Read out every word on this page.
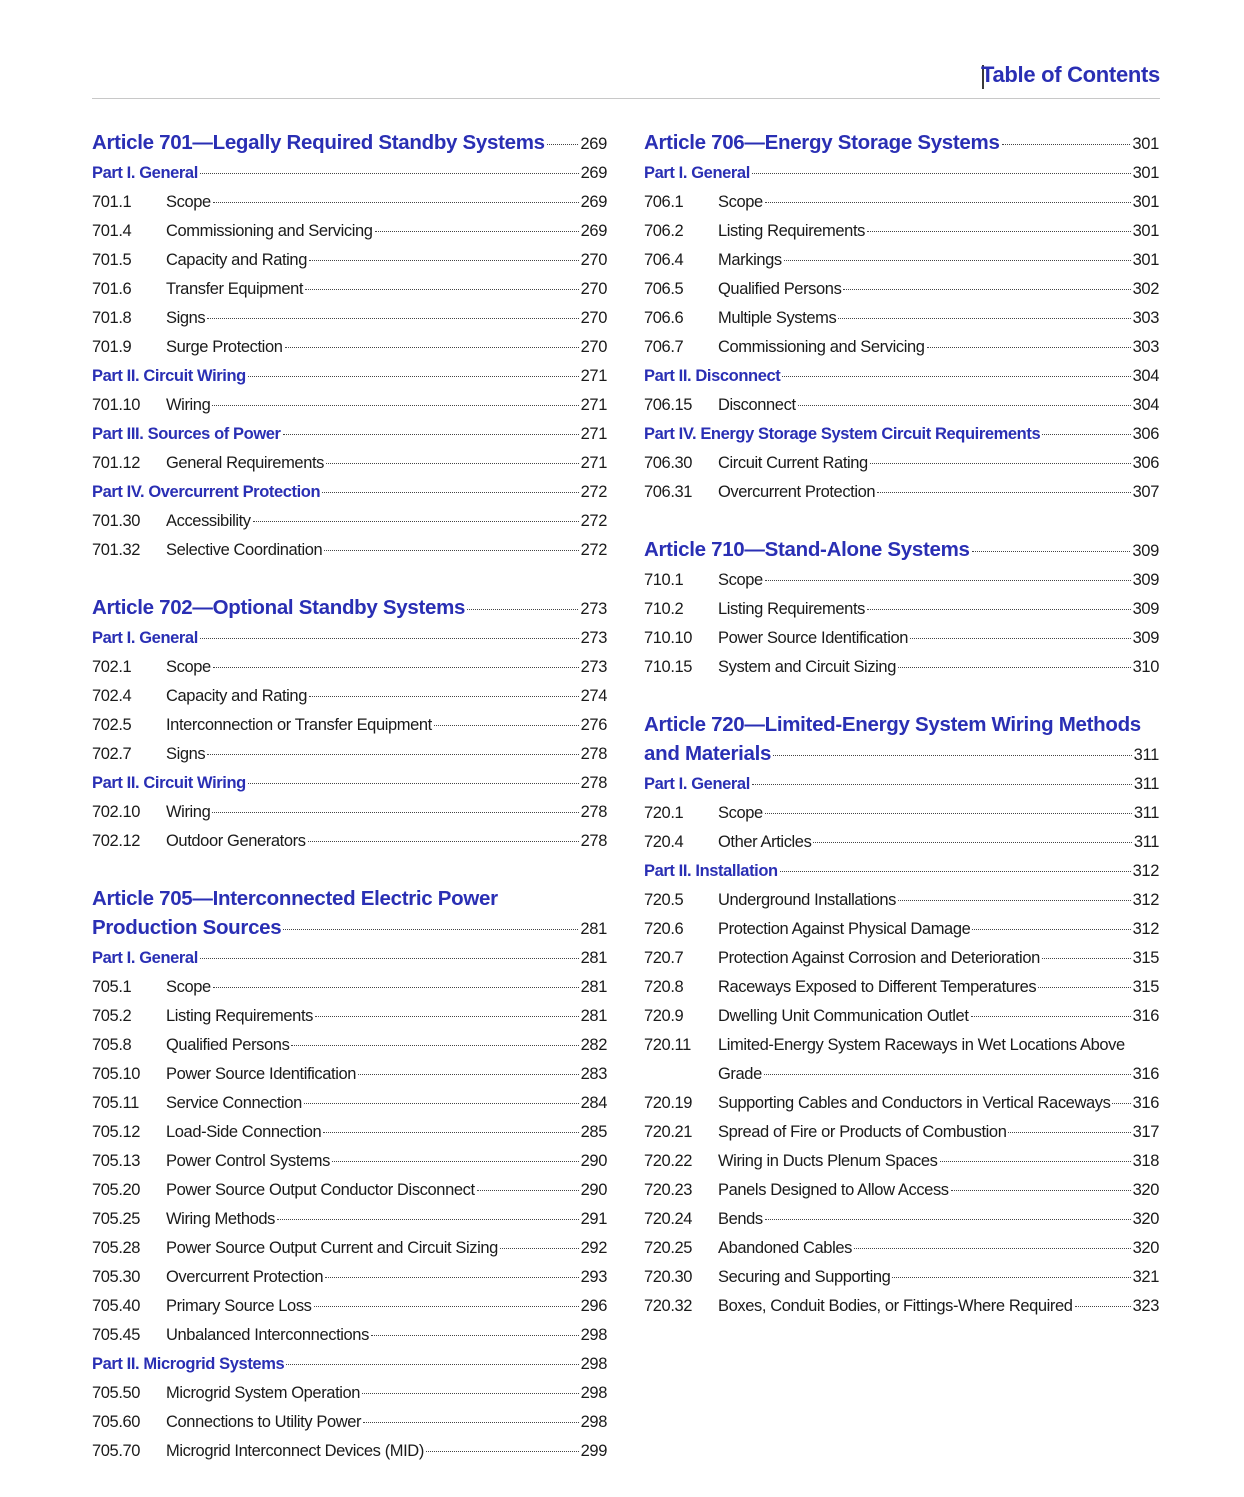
Table of Contents
Article 701—Legally Required Standby Systems 269
Part I. General	269
701.1	Scope	269
701.4	Commissioning and Servicing	269
701.5	Capacity and Rating	270
701.6	Transfer Equipment	270
701.8	Signs	270
701.9	Surge Protection	270
Part II. Circuit Wiring	271
701.10	Wiring	271
Part III. Sources of Power	271
701.12	General Requirements	271
Part IV. Overcurrent Protection	272
701.30	Accessibility	272
701.32	Selective Coordination	272
Article 702—Optional Standby Systems	273
Part I. General	273
702.1	Scope	273
702.4	Capacity and Rating	274
702.5	Interconnection or Transfer Equipment	276
702.7	Signs	278
Part II. Circuit Wiring	278
702.10	Wiring	278
702.12	Outdoor Generators	278
Article 705—Interconnected Electric Power
Production Sources	281
Part I. General	281
705.1	Scope	281
705.2	Listing Requirements	281
705.8	Qualified Persons	282
705.10	Power Source Identification	283
705.11	Service Connection	284
705.12	Load-Side Connection	285
705.13	Power Control Systems	290
705.20	Power Source Output Conductor Disconnect	290
705.25	Wiring Methods	291
705.28	Power Source Output Current and Circuit Sizing	292
705.30	Overcurrent Protection	293
705.40	Primary Source Loss	296
705.45	Unbalanced Interconnections	298
Part II. Microgrid Systems	298
705.50	Microgrid System Operation	298
705.60	Connections to Utility Power	298
705.70	Microgrid Interconnect Devices (MID)	299
Article 706—Energy Storage Systems	301
Part I. General	301
706.1	Scope	301
706.2	Listing Requirements	301
706.4	Markings	301
706.5	Qualified Persons	302
706.6	Multiple Systems	303
706.7	Commissioning and Servicing	303
Part II. Disconnect	304
706.15	Disconnect	304
Part IV. Energy Storage System Circuit Requirements	306
706.30	Circuit Current Rating	306
706.31	Overcurrent Protection	307
Article 710—Stand-Alone Systems	309
710.1	Scope	309
710.2	Listing Requirements	309
710.10	Power Source Identification	309
710.15	System and Circuit Sizing	310
Article 720—Limited-Energy System Wiring Methods
and Materials	311
Part I. General	311
720.1	Scope	311
720.4	Other Articles	311
Part II. Installation	312
720.5	Underground Installations	312
720.6	Protection Against Physical Damage	312
720.7	Protection Against Corrosion and Deterioration	315
720.8	Raceways Exposed to Different Temperatures	315
720.9	Dwelling Unit Communication Outlet	316
720.11	Limited-Energy System Raceways in Wet Locations Above
Grade	316
720.19	Supporting Cables and Conductors in Vertical Raceways 316
720.21	Spread of Fire or Products of Combustion	317
720.22	Wiring in Ducts Plenum Spaces	318
720.23	Panels Designed to Allow Access	320
720.24	Bends	320
720.25	Abandoned Cables	320
720.30	Securing and Supporting	321
720.32	Boxes, Conduit Bodies, or Fittings-Where Required	323
